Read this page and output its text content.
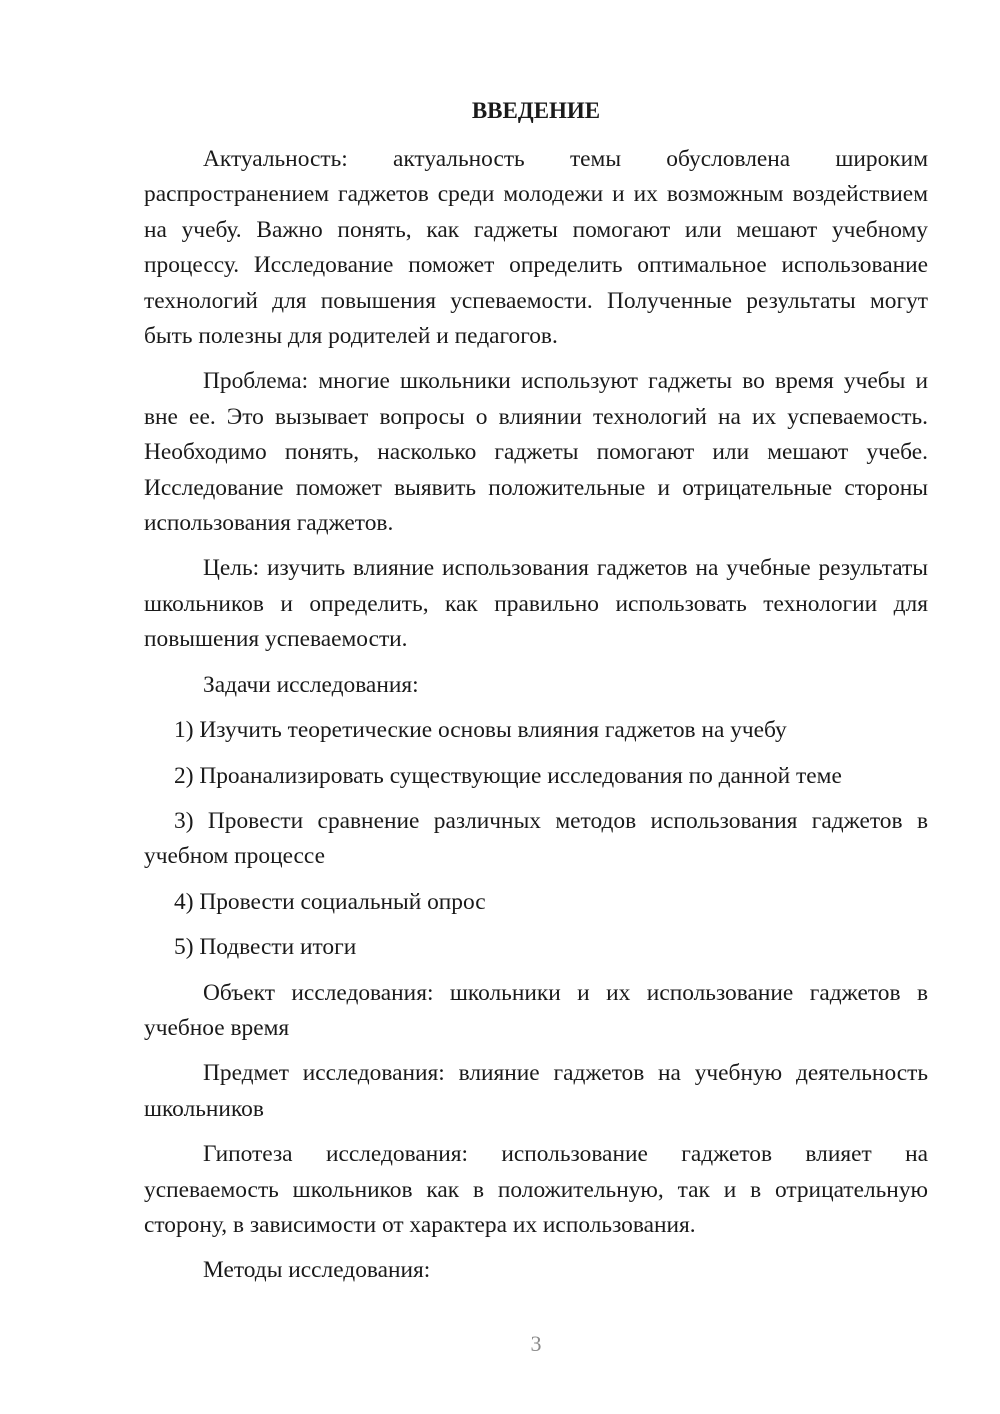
ВВЕДЕНИЕ

Актуальность: актуальность темы обусловлена широким распространением гаджетов среди молодежи и их возможным воздействием на учебу. Важно понять, как гаджеты помогают или мешают учебному процессу. Исследование поможет определить оптимальное использование технологий для повышения успеваемости. Полученные результаты могут быть полезны для родителей и педагогов.

Проблема: многие школьники используют гаджеты во время учебы и вне ее. Это вызывает вопросы о влиянии технологий на их успеваемость. Необходимо понять, насколько гаджеты помогают или мешают учебе. Исследование поможет выявить положительные и отрицательные стороны использования гаджетов.

Цель: изучить влияние использования гаджетов на учебные результаты школьников и определить, как правильно использовать технологии для повышения успеваемости.

Задачи исследования:

1) Изучить теоретические основы влияния гаджетов на учебу

2) Проанализировать существующие исследования по данной теме

3) Провести сравнение различных методов использования гаджетов в учебном процессе

4) Провести социальный опрос

5) Подвести итоги

Объект исследования: школьники и их использование гаджетов в учебное время

Предмет исследования: влияние гаджетов на учебную деятельность школьников

Гипотеза исследования: использование гаджетов влияет на успеваемость школьников как в положительную, так и в отрицательную сторону, в зависимости от характера их использования.

Методы исследования:

3
